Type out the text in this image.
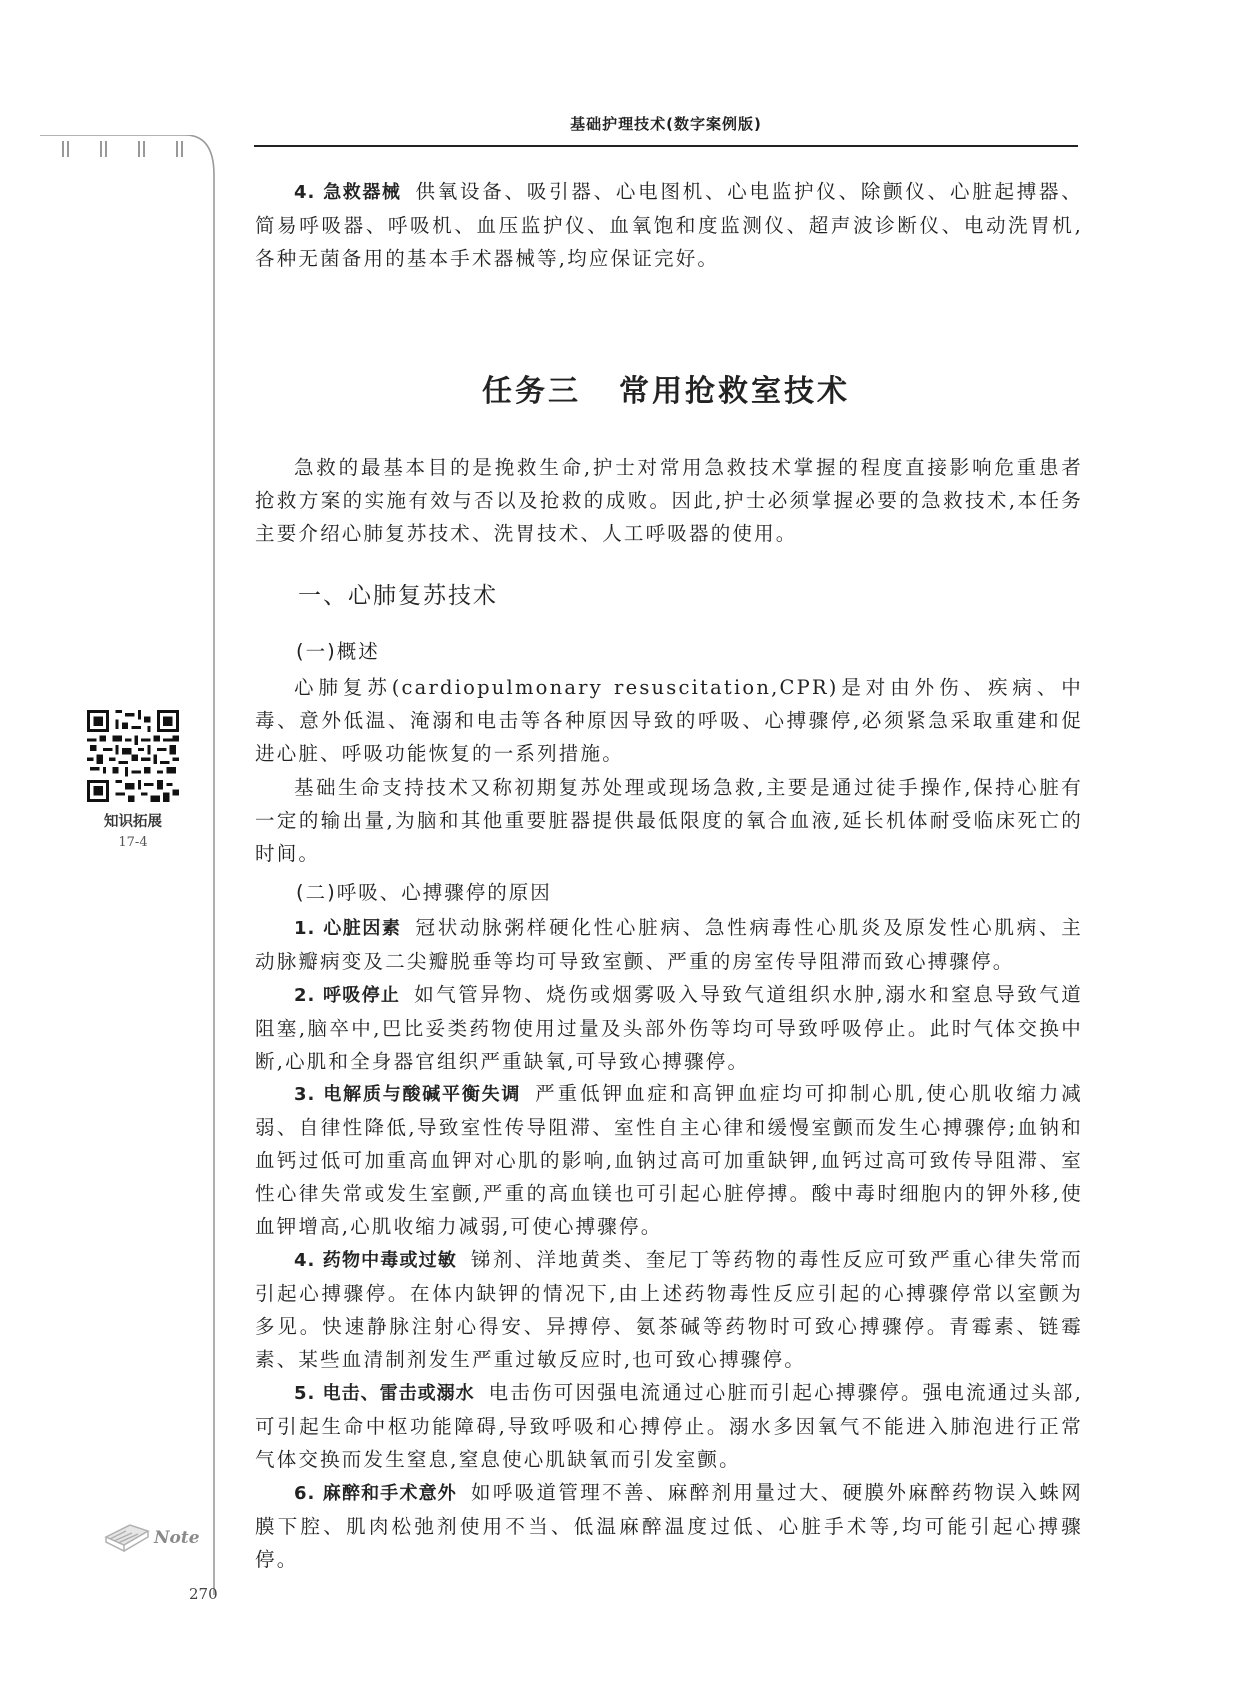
基础护理技术(数字案例版)

4. 急救器械 供氧设备、吸引器、心电图机、心电监护仪、除颤仪、心脏起搏器、简易呼吸器、呼吸机、血压监护仪、血氧饱和度监测仪、超声波诊断仪、电动洗胃机,各种无菌备用的基本手术器械等,均应保证完好。

任务三 常用抢救室技术

急救的最基本目的是挽救生命,护士对常用急救技术掌握的程度直接影响危重患者抢救方案的实施有效与否以及抢救的成败。因此,护士必须掌握必要的急救技术,本任务主要介绍心肺复苏技术、洗胃技术、人工呼吸器的使用。

一、心肺复苏技术
(一)概述

心肺复苏(cardiopulmonary resuscitation,CPR)是对由外伤、疾病、中毒、意外低温、淹溺和电击等各种原因导致的呼吸、心搏骤停,必须紧急采取重建和促进心脏、呼吸功能恢复的一系列措施。

基础生命支持技术又称初期复苏处理或现场急救,主要是通过徒手操作,保持心脏有一定的输出量,为脑和其他重要脏器提供最低限度的氧合血液,延长机体耐受临床死亡的时间。

(二)呼吸、心搏骤停的原因

1. 心脏因素 冠状动脉粥样硬化性心脏病、急性病毒性心肌炎及原发性心肌病、主动脉瓣病变及二尖瓣脱垂等均可导致室颤、严重的房室传导阻滞而致心搏骤停。

2. 呼吸停止 如气管异物、烧伤或烟雾吸入导致气道组织水肿,溺水和窒息导致气道阻塞,脑卒中,巴比妥类药物使用过量及头部外伤等均可导致呼吸停止。此时气体交换中断,心肌和全身器官组织严重缺氧,可导致心搏骤停。

3. 电解质与酸碱平衡失调 严重低钾血症和高钾血症均可抑制心肌,使心肌收缩力减弱、自律性降低,导致室性传导阻滞、室性自主心律和缓慢室颤而发生心搏骤停;血钠和血钙过低可加重高血钾对心肌的影响,血钠过高可加重缺钾,血钙过高可致传导阻滞、室性心律失常或发生室颤,严重的高血镁也可引起心脏停搏。酸中毒时细胞内的钾外移,使血钾增高,心肌收缩力减弱,可使心搏骤停。

4. 药物中毒或过敏 锑剂、洋地黄类、奎尼丁等药物的毒性反应可致严重心律失常而引起心搏骤停。在体内缺钾的情况下,由上述药物毒性反应引起的心搏骤停常以室颤为多见。快速静脉注射心得安、异搏停、氨茶碱等药物时可致心搏骤停。青霉素、链霉素、某些血清制剂发生严重过敏反应时,也可致心搏骤停。

5. 电击、雷击或溺水 电击伤可因强电流通过心脏而引起心搏骤停。强电流通过头部,可引起生命中枢功能障碍,导致呼吸和心搏停止。溺水多因氧气不能进入肺泡进行正常气体交换而发生窒息,窒息使心肌缺氧而引发室颤。

6. 麻醉和手术意外 如呼吸道管理不善、麻醉剂用量过大、硬膜外麻醉药物误入蛛网膜下腔、肌肉松弛剂使用不当、低温麻醉温度过低、心脏手术等,均可能引起心搏骤停。

知识拓展
17-4
Note
270
